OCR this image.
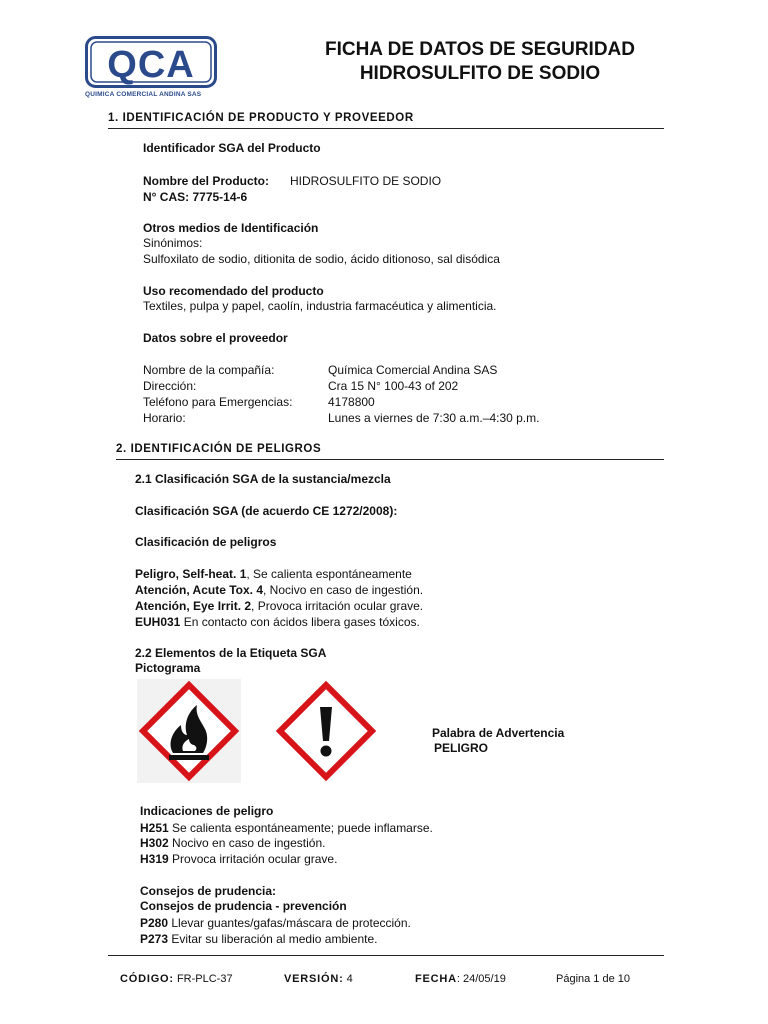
QCA
QUIMICA COMERCIAL ANDINA SAS
FICHA DE DATOS DE SEGURIDAD
HIDROSULFITO DE SODIO
1. IDENTIFICACIÓN DE PRODUCTO Y PROVEEDOR
Identificador SGA del Producto
Nombre del Producto: HIDROSULFITO DE SODIO
N° CAS: 7775-14-6
Otros medios de Identificación
Sinónimos:
Sulfoxilato de sodio, ditionita de sodio, ácido ditionoso, sal disódica
Uso recomendado del producto
Textiles, pulpa y papel, caolín, industria farmacéutica y alimenticia.
Datos sobre el proveedor
Nombre de la compañía:	Química Comercial Andina SAS
Dirección:	Cra 15 N° 100-43 of 202
Teléfono para Emergencias:	4178800
Horario:	Lunes a viernes de 7:30 a.m.–4:30 p.m.
2. IDENTIFICACIÓN DE PELIGROS
2.1 Clasificación SGA de la sustancia/mezcla
Clasificación SGA (de acuerdo CE 1272/2008):
Clasificación de peligros
Peligro, Self-heat. 1, Se calienta espontáneamente
Atención, Acute Tox. 4, Nocivo en caso de ingestión.
Atención, Eye Irrit. 2, Provoca irritación ocular grave.
EUH031 En contacto con ácidos libera gases tóxicos.
2.2 Elementos de la Etiqueta SGA
Pictograma
Palabra de Advertencia
PELIGRO
Indicaciones de peligro
H251 Se calienta espontáneamente; puede inflamarse.
H302 Nocivo en caso de ingestión.
H319 Provoca irritación ocular grave.
Consejos de prudencia:
Consejos de prudencia - prevención
P280 Llevar guantes/gafas/máscara de protección.
P273 Evitar su liberación al medio ambiente.
CÓDIGO: FR-PLC-37	VERSIÓN: 4	FECHA: 24/05/19	Página 1 de 10
